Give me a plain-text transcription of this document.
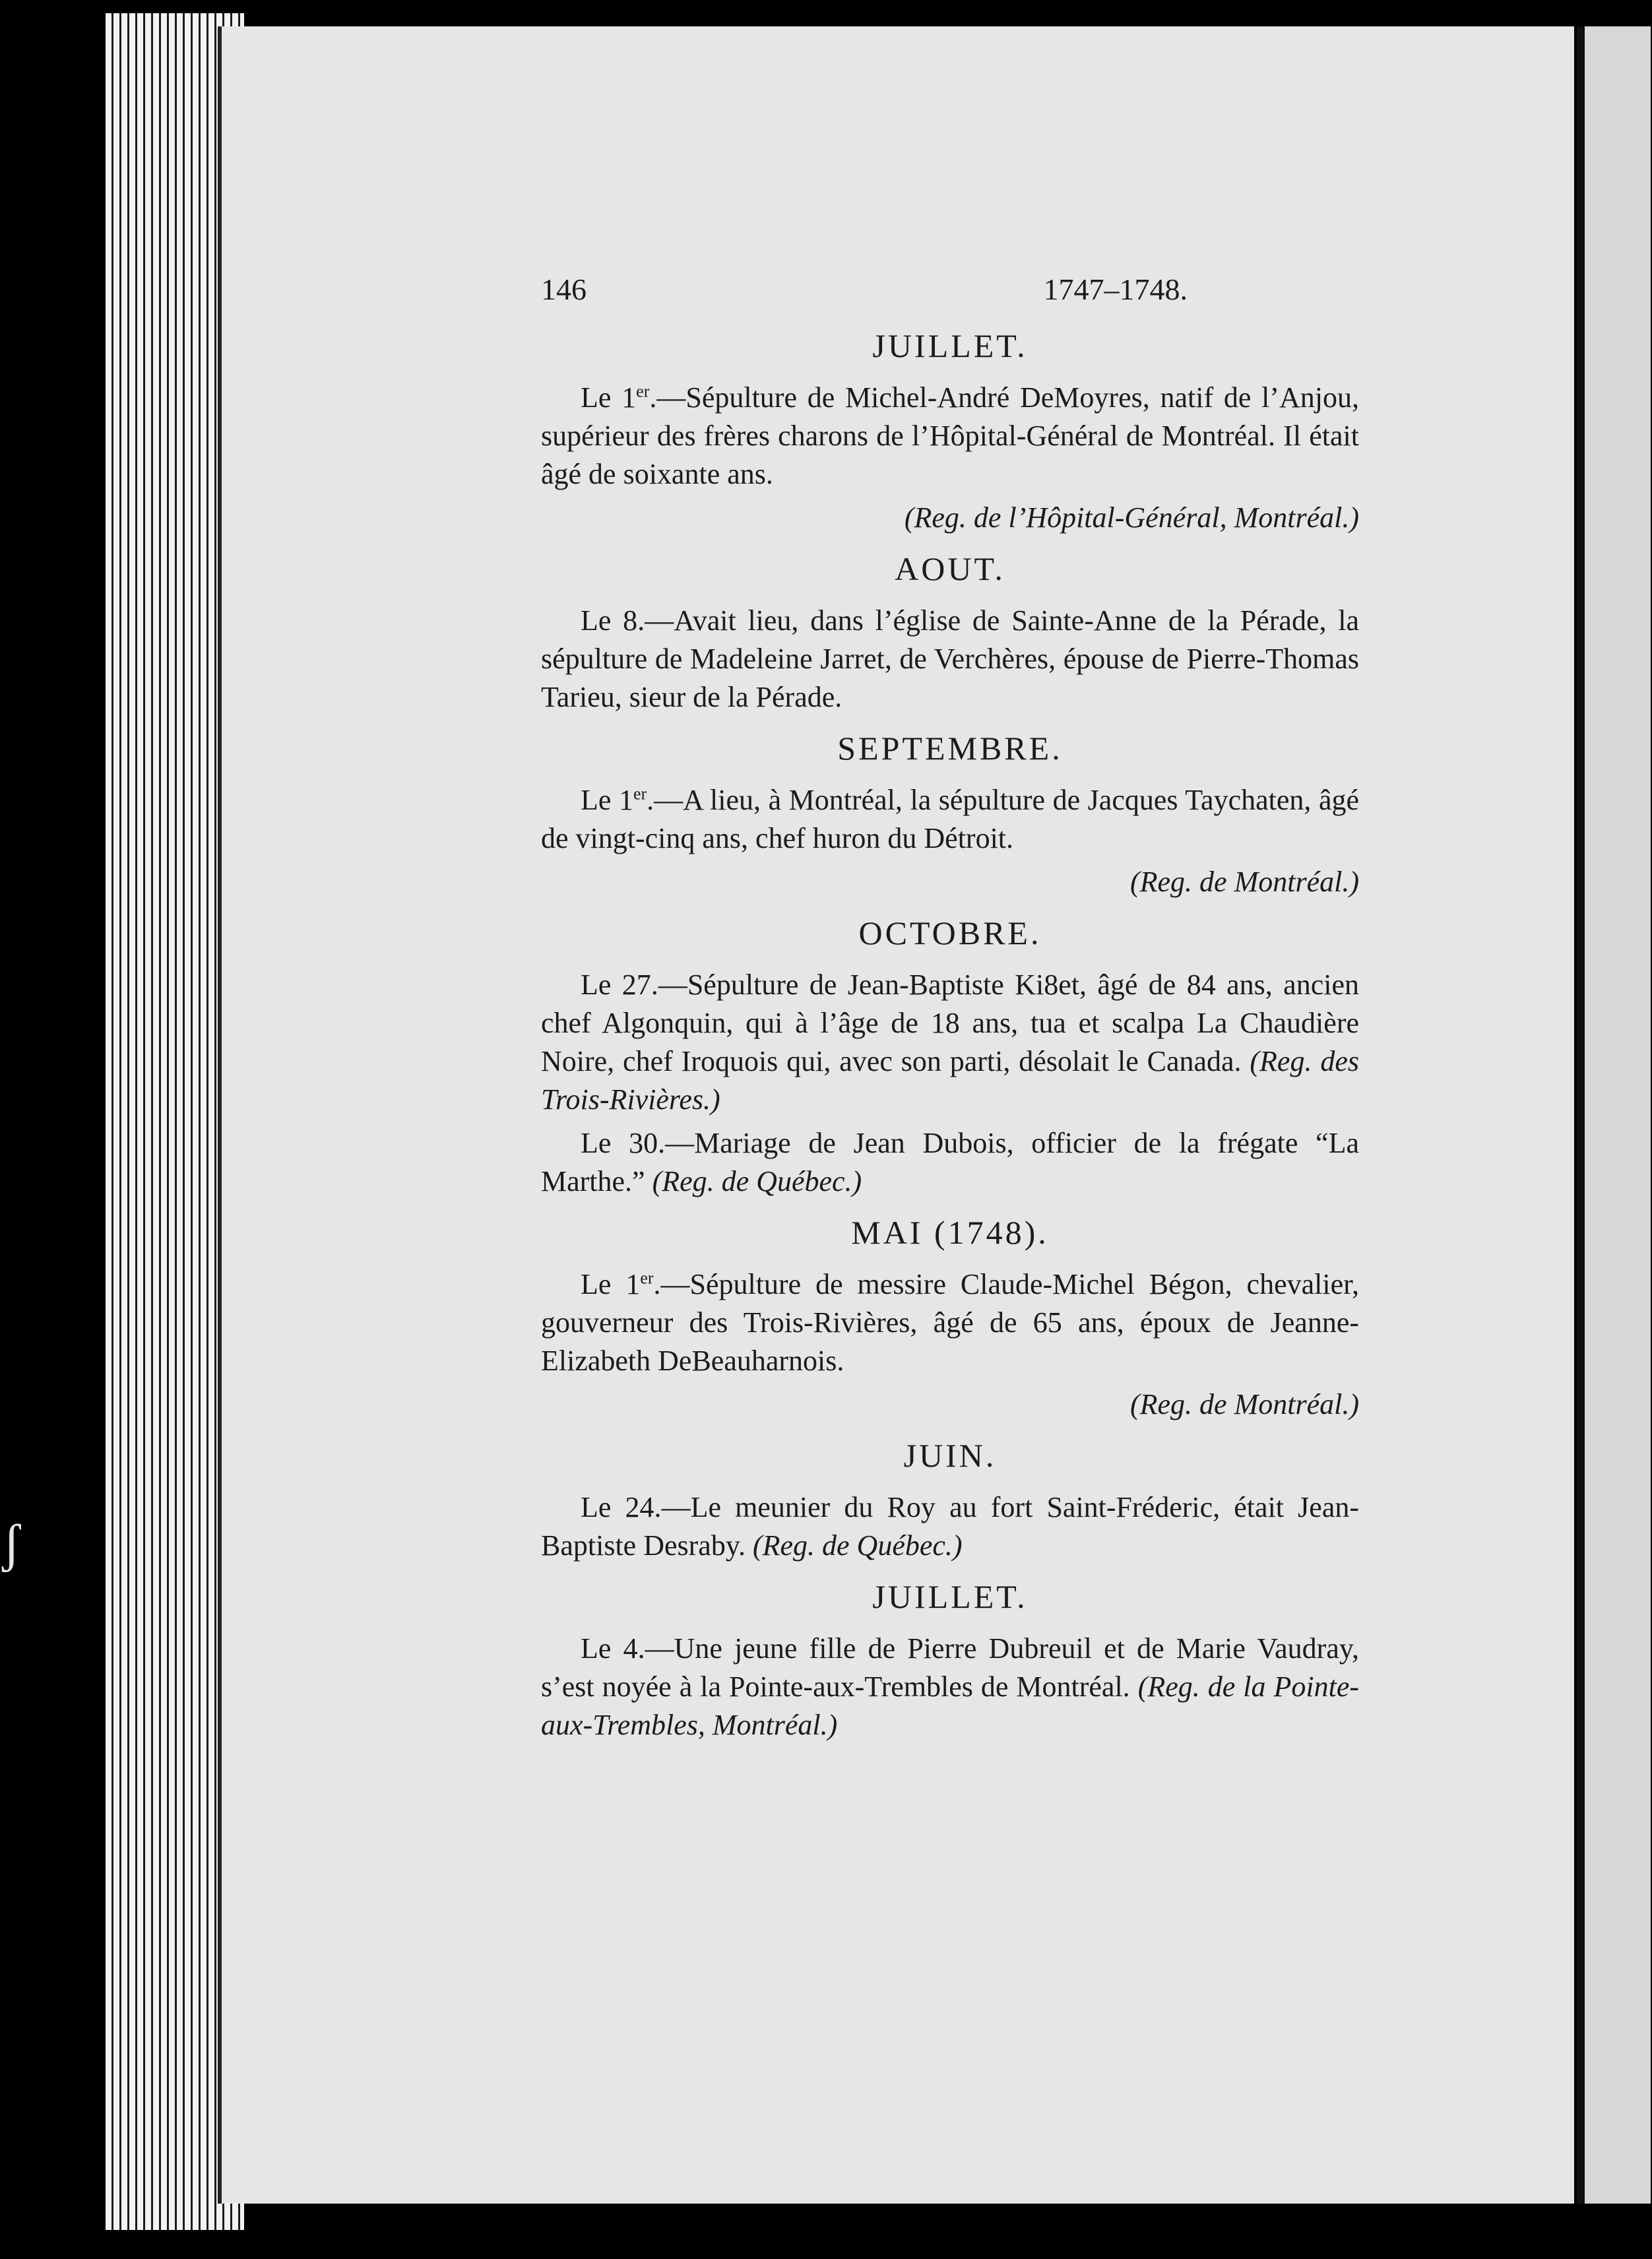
ʃ
146	1747–1748.
JUILLET.

Le 1er.—Sépulture de Michel-André DeMoyres, natif de l’Anjou, supérieur des frères charons de l’Hôpital-Général de Montréal. Il était âgé de soixante ans.

(Reg. de l’Hôpital-Général, Montréal.)

AOUT.

Le 8.—Avait lieu, dans l’église de Sainte-Anne de la Pérade, la sépulture de Madeleine Jarret, de Verchères, épouse de Pierre-Thomas Tarieu, sieur de la Pérade.

SEPTEMBRE.

Le 1er.—A lieu, à Montréal, la sépulture de Jacques Taychaten, âgé de vingt-cinq ans, chef huron du Détroit.

(Reg. de Montréal.)

OCTOBRE.

Le 27.—Sépulture de Jean-Baptiste Ki8et, âgé de 84 ans, ancien chef Algonquin, qui à l’âge de 18 ans, tua et scalpa La Chaudière Noire, chef Iroquois qui, avec son parti, désolait le Canada. (Reg. des Trois-Rivières.)

Le 30.—Mariage de Jean Dubois, officier de la frégate “La Marthe.” (Reg. de Québec.)

MAI (1748).

Le 1er.—Sépulture de messire Claude-Michel Bégon, chevalier, gouverneur des Trois-Rivières, âgé de 65 ans, époux de Jeanne-Elizabeth DeBeauharnois.

(Reg. de Montréal.)

JUIN.

Le 24.—Le meunier du Roy au fort Saint-Fréderic, était Jean-Baptiste Desraby. (Reg. de Québec.)

JUILLET.

Le 4.—Une jeune fille de Pierre Dubreuil et de Marie Vaudray, s’est noyée à la Pointe-aux-Trembles de Montréal. (Reg. de la Pointe-aux-Trembles, Montréal.)
